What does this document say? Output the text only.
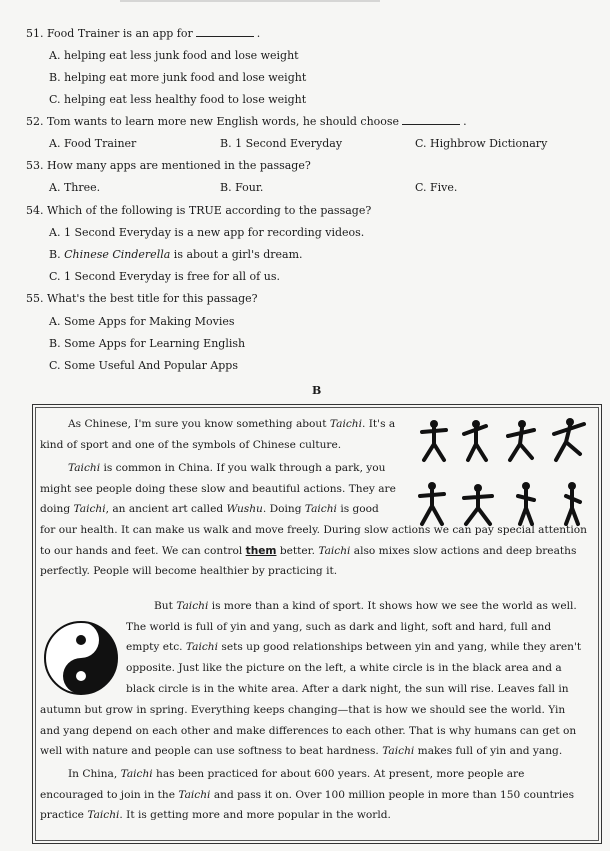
51. Food Trainer is an app for	.
A. helping eat less junk food and lose weight
B. helping eat more junk food and lose weight
C. helping eat less healthy food to lose weight
52. Tom wants to learn more new English words, he should choose	.
A. Food Trainer	B. 1 Second Everyday	C. Highbrow Dictionary
53. How many apps are mentioned in the passage?
A. Three.	B. Four.	C. Five.
54. Which of the following is TRUE according to the passage?
A. 1 Second Everyday is a new app for recording videos.
B. Chinese Cinderella is about a girl's dream.
C. 1 Second Everyday is free for all of us.
55. What's the best title for this passage?
A. Some Apps for Making Movies
B. Some Apps for Learning English
C. Some Useful And Popular Apps
B
As Chinese, I'm sure you know something about Taichi. It's a
kind of sport and one of the symbols of Chinese culture.
Taichi is common in China. If you walk through a park, you
might see people doing these slow and beautiful actions. They are
doing Taichi, an ancient art called Wushu. Doing Taichi is good
for our health. It can make us walk and move freely. During slow actions we can pay special attention
to our hands and feet. We can control them better. Taichi also mixes slow actions and deep breaths
perfectly. People will become healthier by practicing it.
But Taichi is more than a kind of sport. It shows how we see the world as well.
The world is full of yin and yang, such as dark and light, soft and hard, full and
empty etc. Taichi sets up good relationships between yin and yang, while they aren't
opposite. Just like the picture on the left, a white circle is in the black area and a
black circle is in the white area. After a dark night, the sun will rise. Leaves fall in
autumn but grow in spring. Everything keeps changing—that is how we should see the world. Yin
and yang depend on each other and make differences to each other. That is why humans can get on
well with nature and people can use softness to beat hardness. Taichi makes full of yin and yang.
In China, Taichi has been practiced for about 600 years. At present, more people are
encouraged to join in the Taichi and pass it on. Over 100 million people in more than 150 countries
practice Taichi. It is getting more and more popular in the world.
